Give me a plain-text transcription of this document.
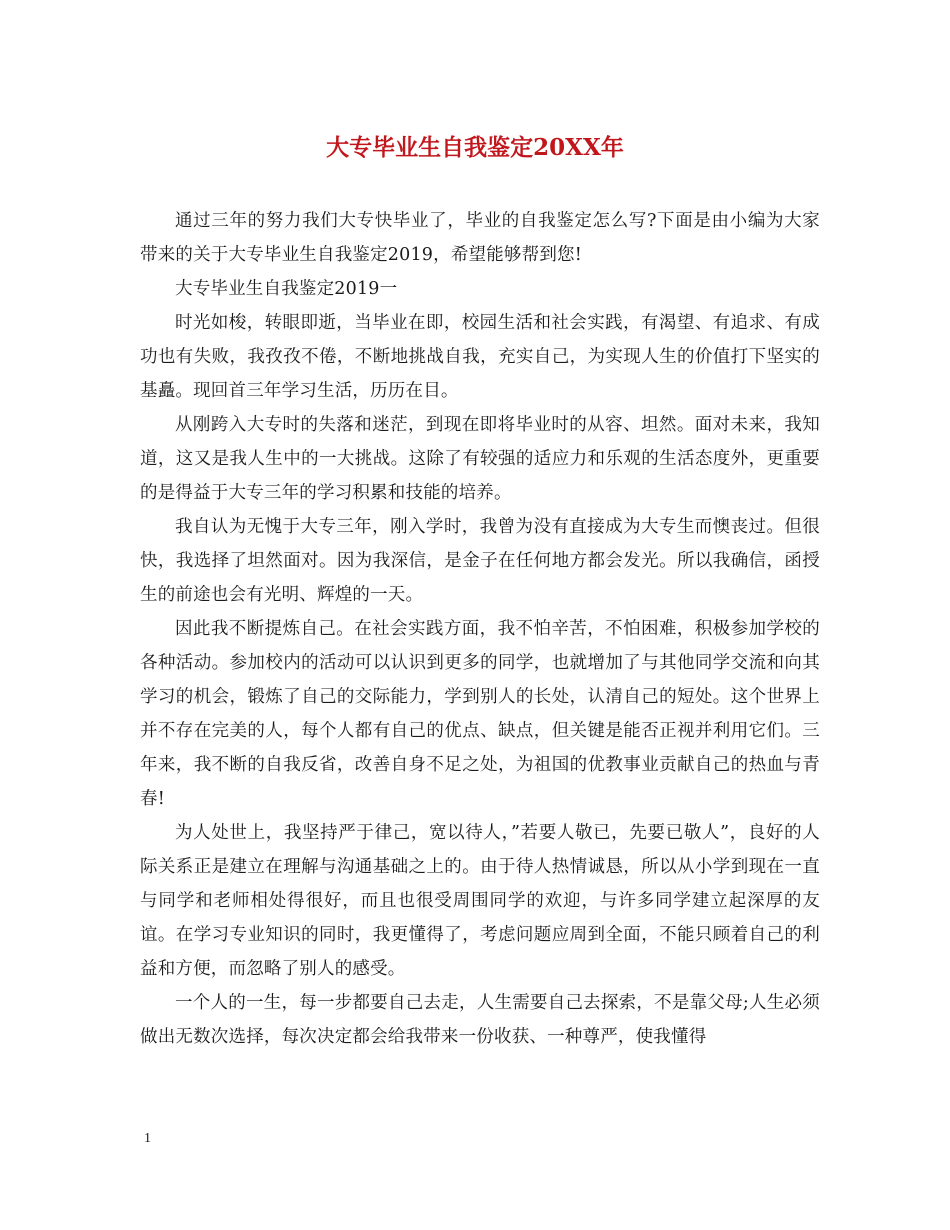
大专毕业生自我鉴定20XX年

通过三年的努力我们大专快毕业了，毕业的自我鉴定怎么写?下面是由小编为大家带来的关于大专毕业生自我鉴定2019，希望能够帮到您!

大专毕业生自我鉴定2019一

时光如梭，转眼即逝，当毕业在即，校园生活和社会实践，有渴望、有追求、有成功也有失败，我孜孜不倦，不断地挑战自我，充实自己，为实现人生的价值打下坚实的基矗。现回首三年学习生活，历历在目。

从刚跨入大专时的失落和迷茫，到现在即将毕业时的从容、坦然。面对未来，我知道，这又是我人生中的一大挑战。这除了有较强的适应力和乐观的生活态度外，更重要的是得益于大专三年的学习积累和技能的培养。

我自认为无愧于大专三年，刚入学时，我曾为没有直接成为大专生而懊丧过。但很快，我选择了坦然面对。因为我深信，是金子在任何地方都会发光。所以我确信，函授生的前途也会有光明、辉煌的一天。

因此我不断提炼自己。在社会实践方面，我不怕辛苦，不怕困难，积极参加学校的各种活动。参加校内的活动可以认识到更多的同学，也就增加了与其他同学交流和向其学习的机会，锻炼了自己的交际能力，学到别人的长处，认清自己的短处。这个世界上并不存在完美的人，每个人都有自己的优点、缺点，但关键是能否正视并利用它们。三年来，我不断的自我反省，改善自身不足之处，为祖国的优教事业贡献自己的热血与青春!

为人处世上，我坚持严于律己，宽以待人，”若要人敬已，先要已敬人”，良好的人际关系正是建立在理解与沟通基础之上的。由于待人热情诚恳，所以从小学到现在一直与同学和老师相处得很好，而且也很受周围同学的欢迎，与许多同学建立起深厚的友谊。在学习专业知识的同时，我更懂得了，考虑问题应周到全面，不能只顾着自己的利益和方便，而忽略了别人的感受。

一个人的一生，每一步都要自己去走，人生需要自己去探索，不是靠父母;人生必须做出无数次选择，每次决定都会给我带来一份收获、一种尊严，使我懂得

1
